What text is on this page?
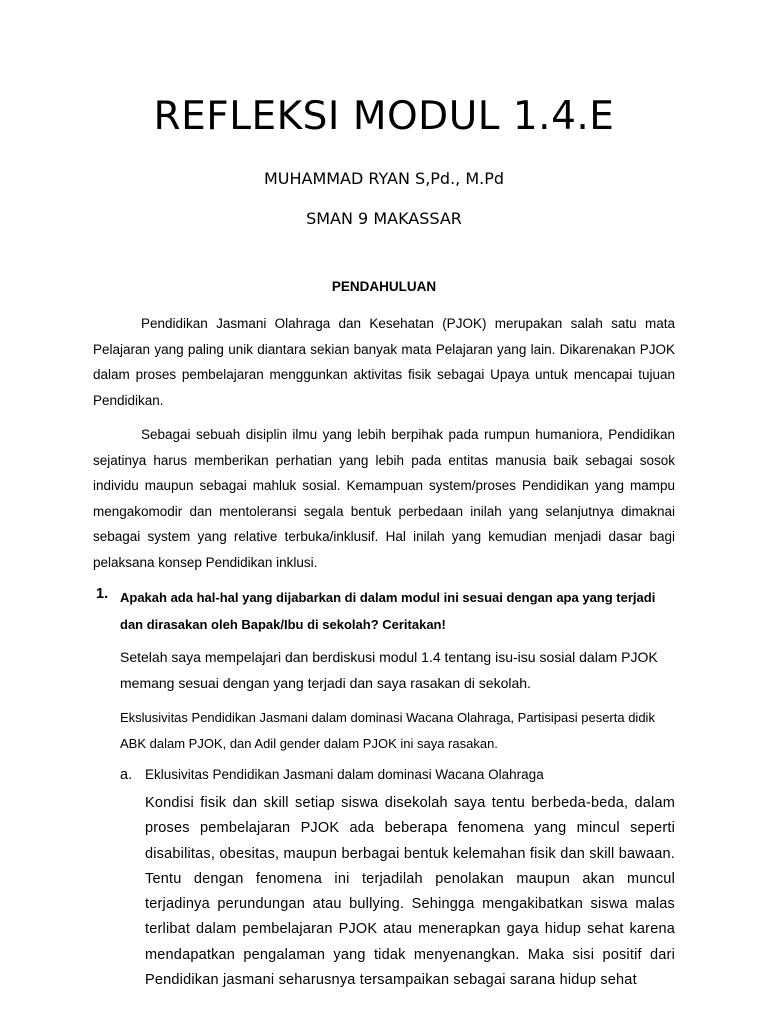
REFLEKSI MODUL 1.4.E
MUHAMMAD RYAN S,Pd., M.Pd
SMAN 9 MAKASSAR
PENDAHULUAN
Pendidikan Jasmani Olahraga dan Kesehatan (PJOK) merupakan salah satu mata Pelajaran yang paling unik diantara sekian banyak mata Pelajaran yang lain. Dikarenakan PJOK dalam proses pembelajaran menggunkan aktivitas fisik sebagai Upaya untuk mencapai tujuan Pendidikan.
Sebagai sebuah disiplin ilmu yang lebih berpihak pada rumpun humaniora, Pendidikan sejatinya harus memberikan perhatian yang lebih pada entitas manusia baik sebagai sosok individu maupun sebagai mahluk sosial. Kemampuan system/proses Pendidikan yang mampu mengakomodir dan mentoleransi segala bentuk perbedaan inilah yang selanjutnya dimaknai sebagai system yang relative terbuka/inklusif. Hal inilah yang kemudian menjadi dasar bagi pelaksana konsep Pendidikan inklusi.
1. Apakah ada hal-hal yang dijabarkan di dalam modul ini sesuai dengan apa yang terjadi dan dirasakan oleh Bapak/Ibu di sekolah? Ceritakan!
Setelah saya mempelajari dan berdiskusi modul 1.4 tentang isu-isu sosial dalam PJOK memang sesuai dengan yang terjadi dan saya rasakan di sekolah.
Ekslusivitas Pendidikan Jasmani dalam dominasi Wacana Olahraga, Partisipasi peserta didik ABK dalam PJOK, dan Adil gender dalam PJOK ini saya rasakan.
a. Eklusivitas Pendidikan Jasmani dalam dominasi Wacana Olahraga
Kondisi fisik dan skill setiap siswa disekolah saya tentu berbeda-beda, dalam proses pembelajaran PJOK ada beberapa fenomena yang mincul seperti disabilitas, obesitas, maupun berbagai bentuk kelemahan fisik dan skill bawaan. Tentu dengan fenomena ini terjadilah penolakan maupun akan muncul terjadinya perundungan atau bullying. Sehingga mengakibatkan siswa malas terlibat dalam pembelajaran PJOK atau menerapkan gaya hidup sehat karena mendapatkan pengalaman yang tidak menyenangkan. Maka sisi positif dari Pendidikan jasmani seharusnya tersampaikan sebagai sarana hidup sehat
